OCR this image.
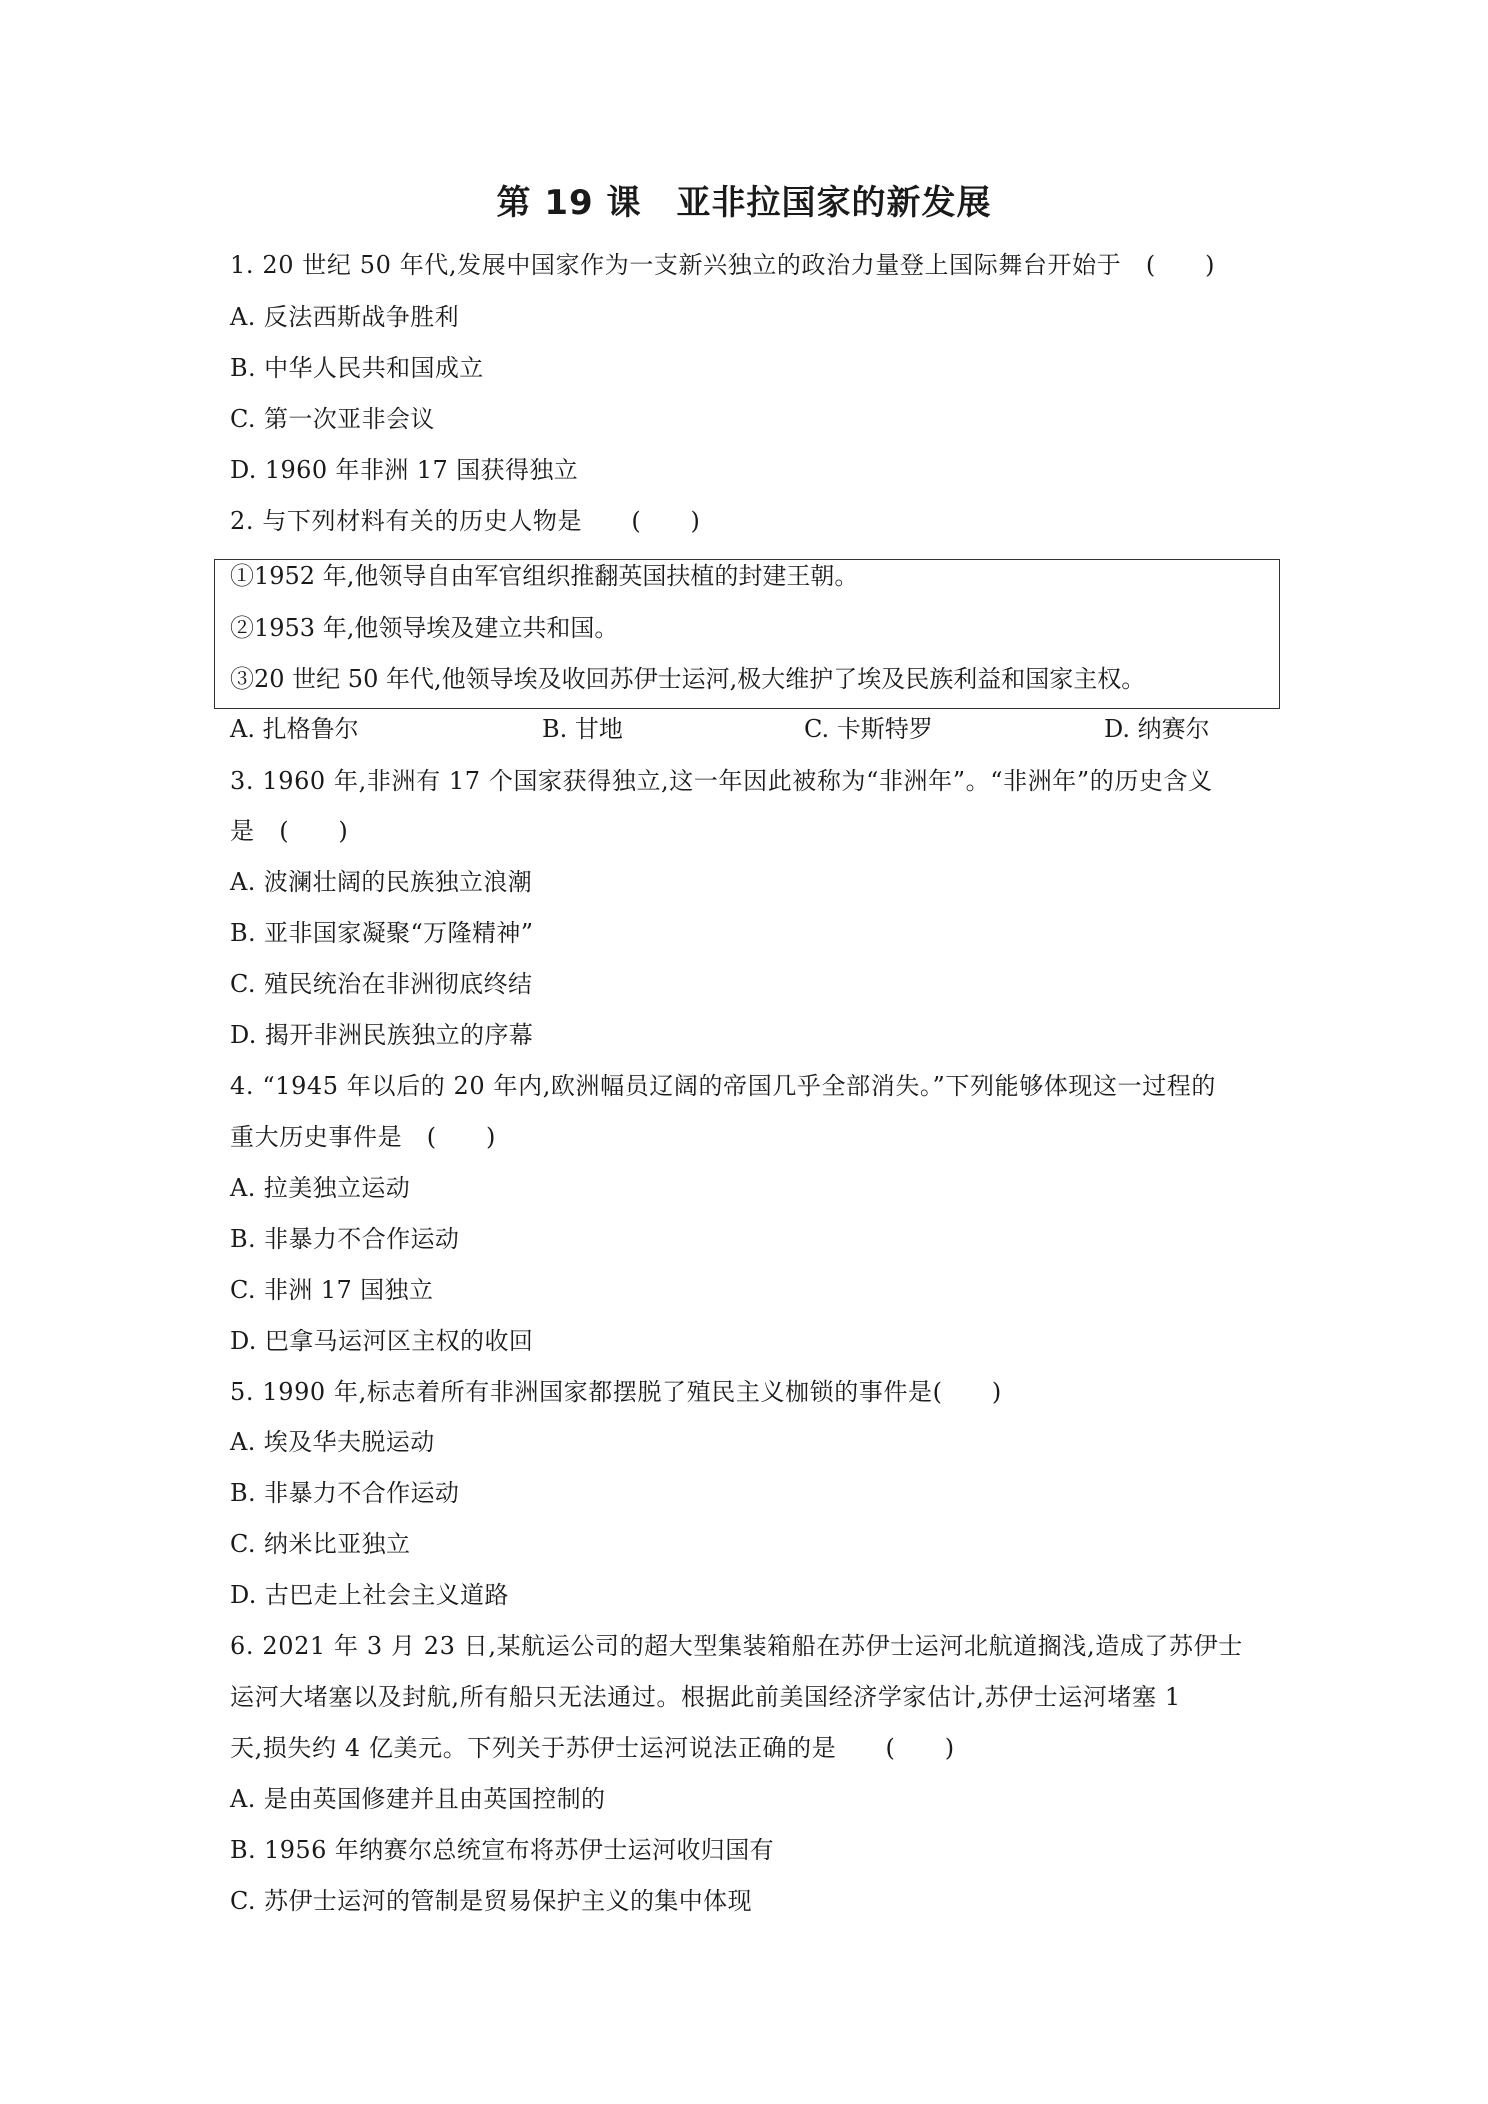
第 19 课　亚非拉国家的新发展
1. 20 世纪 50 年代,发展中国家作为一支新兴独立的政治力量登上国际舞台开始于　(　　)
A. 反法西斯战争胜利
B. 中华人民共和国成立
C. 第一次亚非会议
D. 1960 年非洲 17 国获得独立
2. 与下列材料有关的历史人物是　　(　　)
①1952 年,他领导自由军官组织推翻英国扶植的封建王朝。
②1953 年,他领导埃及建立共和国。
③20 世纪 50 年代,他领导埃及收回苏伊士运河,极大维护了埃及民族利益和国家主权。
A. 扎格鲁尔	B. 甘地	C. 卡斯特罗	D. 纳赛尔
3. 1960 年,非洲有 17 个国家获得独立,这一年因此被称为“非洲年”。“非洲年”的历史含义
是　(　　)
A. 波澜壮阔的民族独立浪潮
B. 亚非国家凝聚“万隆精神”
C. 殖民统治在非洲彻底终结
D. 揭开非洲民族独立的序幕
4. “1945 年以后的 20 年内,欧洲幅员辽阔的帝国几乎全部消失。”下列能够体现这一过程的
重大历史事件是　(　　)
A. 拉美独立运动
B. 非暴力不合作运动
C. 非洲 17 国独立
D. 巴拿马运河区主权的收回
5. 1990 年,标志着所有非洲国家都摆脱了殖民主义枷锁的事件是(　　)
A. 埃及华夫脱运动
B. 非暴力不合作运动
C. 纳米比亚独立
D. 古巴走上社会主义道路
6. 2021 年 3 月 23 日,某航运公司的超大型集装箱船在苏伊士运河北航道搁浅,造成了苏伊士
运河大堵塞以及封航,所有船只无法通过。根据此前美国经济学家估计,苏伊士运河堵塞 1
天,损失约 4 亿美元。下列关于苏伊士运河说法正确的是　　(　　)
A. 是由英国修建并且由英国控制的
B. 1956 年纳赛尔总统宣布将苏伊士运河收归国有
C. 苏伊士运河的管制是贸易保护主义的集中体现
